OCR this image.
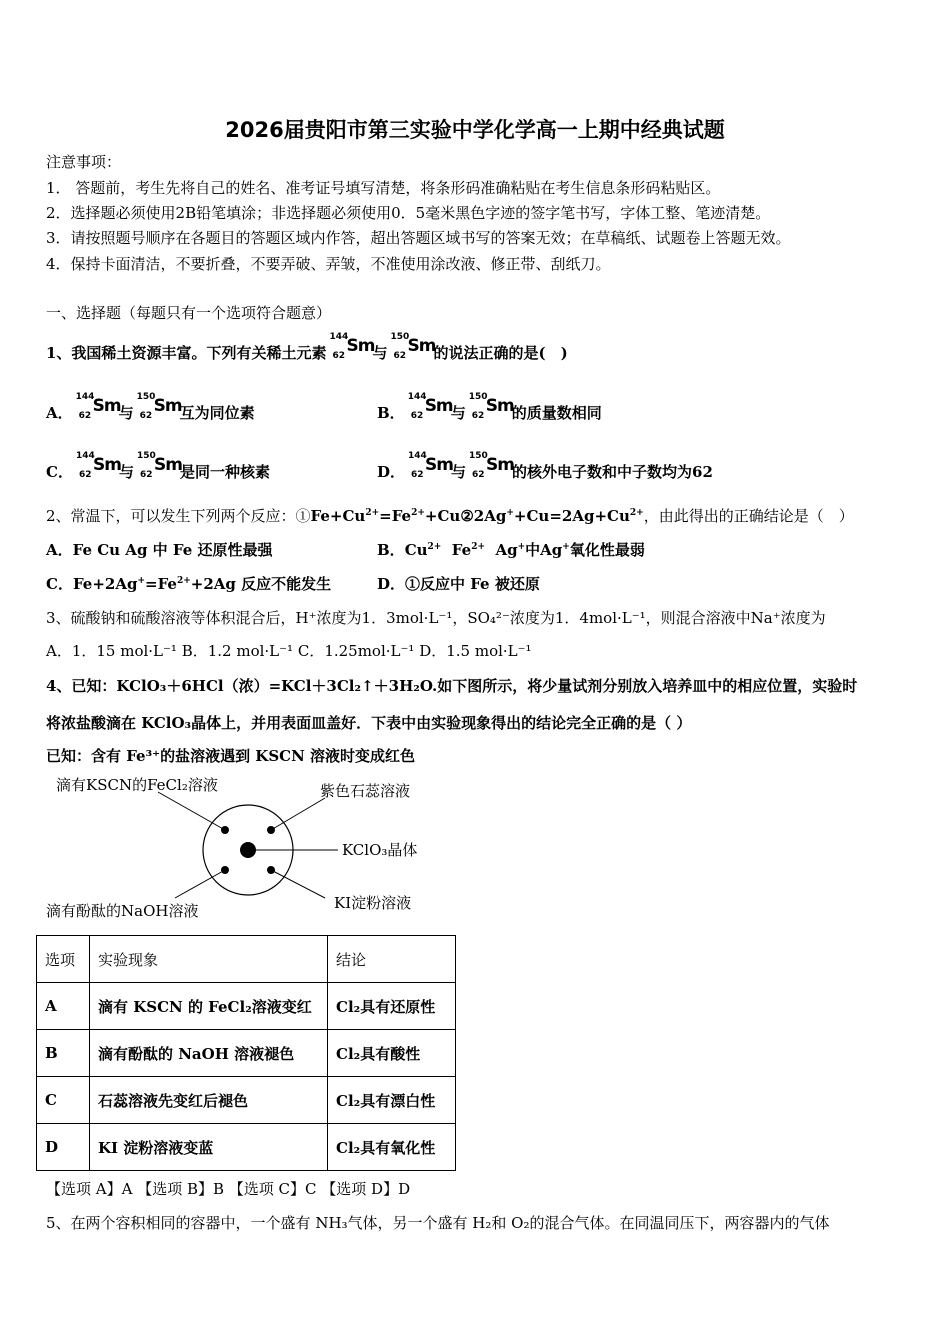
2026届贵阳市第三实验中学化学高一上期中经典试题
注意事项：
1． 答题前，考生先将自己的姓名、准考证号填写清楚，将条形码准确粘贴在考生信息条形码粘贴区。
2．选择题必须使用2B铅笔填涂；非选择题必须使用0．5毫米黑色字迹的签字笔书写，字体工整、笔迹清楚。
3．请按照题号顺序在各题目的答题区域内作答，超出答题区域书写的答案无效；在草稿纸、试题卷上答题无效。
4．保持卡面清洁，不要折叠，不要弄破、弄皱，不准使用涂改液、修正带、刮纸刀。
一、选择题（每题只有一个选项符合题意）
1、我国稀土资源丰富。下列有关稀土元素
144
62 Sm
与
150
62 Sm
的说法正确的是(　)
A．
144
62 Sm
与
150
62 Sm
互为同位素	B．
144
62 Sm
与
150
62 Sm
的质量数相同
C．
144
62 Sm
与
150
62 Sm
是同一种核素	D．
144
62 Sm
与
150
62 Sm
的核外电子数和中子数均为62
2、常温下，可以发生下列两个反应：$①Fe+Cu^{2+}=Fe^{2+}+Cu②2Ag^++Cu=2Ag+Cu^{2+}$，由此得出的正确结论是（　）
A．Fe Cu Ag 中 Fe 还原性最强	B．$Cu^{2+}$  $Fe^{2+}$  Ag+中Ag+氧化性最弱
C．$Fe+2Ag^+=Fe^{2+}+2Ag$ 反应不能发生	D．①反应中 Fe 被还原
3、硫酸钠和硫酸溶液等体积混合后，H⁺浓度为1．3mol·L⁻¹，SO₄²⁻浓度为1．4mol·L⁻¹，则混合溶液中Na⁺浓度为
A．1．15 mol·L⁻¹ B．1.2 mol·L⁻¹ C．1.25mol·L⁻¹ D．1.5 mol·L⁻¹
4、已知：KClO₃＋6HCl（浓）=KCl＋3Cl₂↑＋3H₂O.如下图所示，将少量试剂分别放入培养皿中的相应位置，实验时
将浓盐酸滴在 KClO₃晶体上，并用表面皿盖好．下表中由实验现象得出的结论完全正确的是（ ）
已知：含有 Fe³⁺的盐溶液遇到 KSCN 溶液时变成红色
滴有KSCN的FeCl₂溶液	紫色石蕊溶液
KClO₃晶体
KI淀粉溶液
滴有酚酞的NaOH溶液
选项	实验现象	结论
A	滴有 KSCN 的 FeCl₂溶液变红	Cl₂具有还原性
B	滴有酚酞的 NaOH 溶液褪色	Cl₂具有酸性
C	石蕊溶液先变红后褪色	Cl₂具有漂白性
D	KI 淀粉溶液变蓝	Cl₂具有氧化性
【选项 A】A 【选项 B】B 【选项 C】C 【选项 D】D
5、在两个容积相同的容器中，一个盛有 NH₃气体，另一个盛有 H₂和 O₂的混合气体。在同温同压下，两容器内的气体
